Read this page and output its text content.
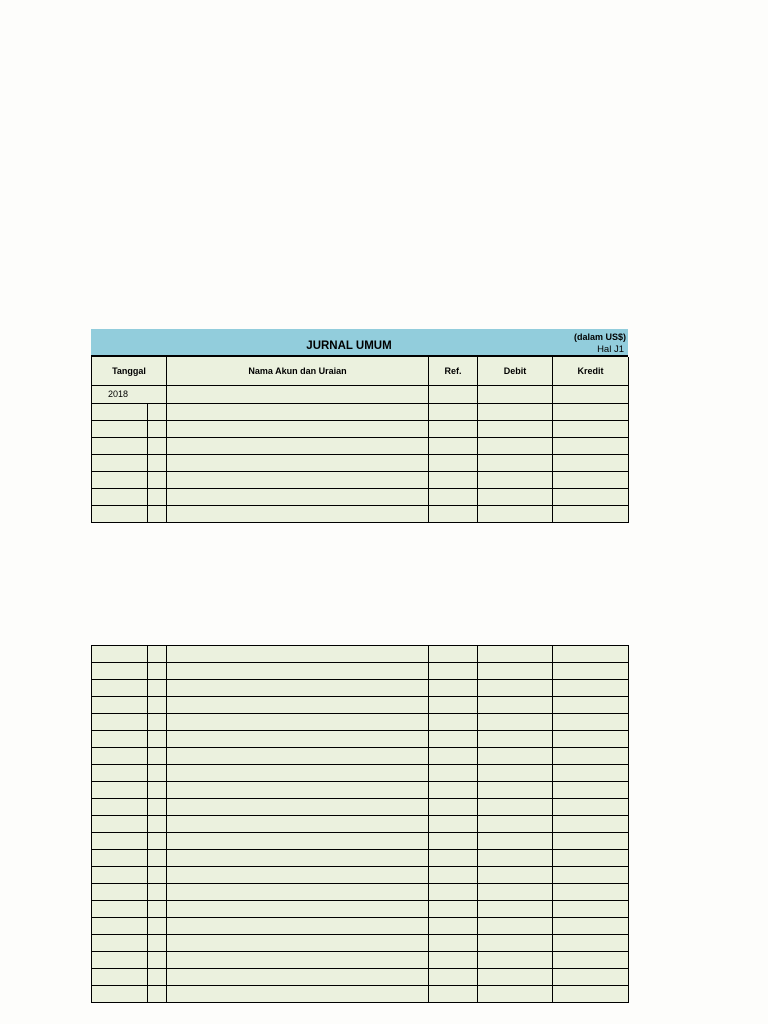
JURNAL UMUM
(dalam US$)
Hal J1
Tanggal		Nama Akun dan Uraian	Ref.	Debit	Kredit
2018					
